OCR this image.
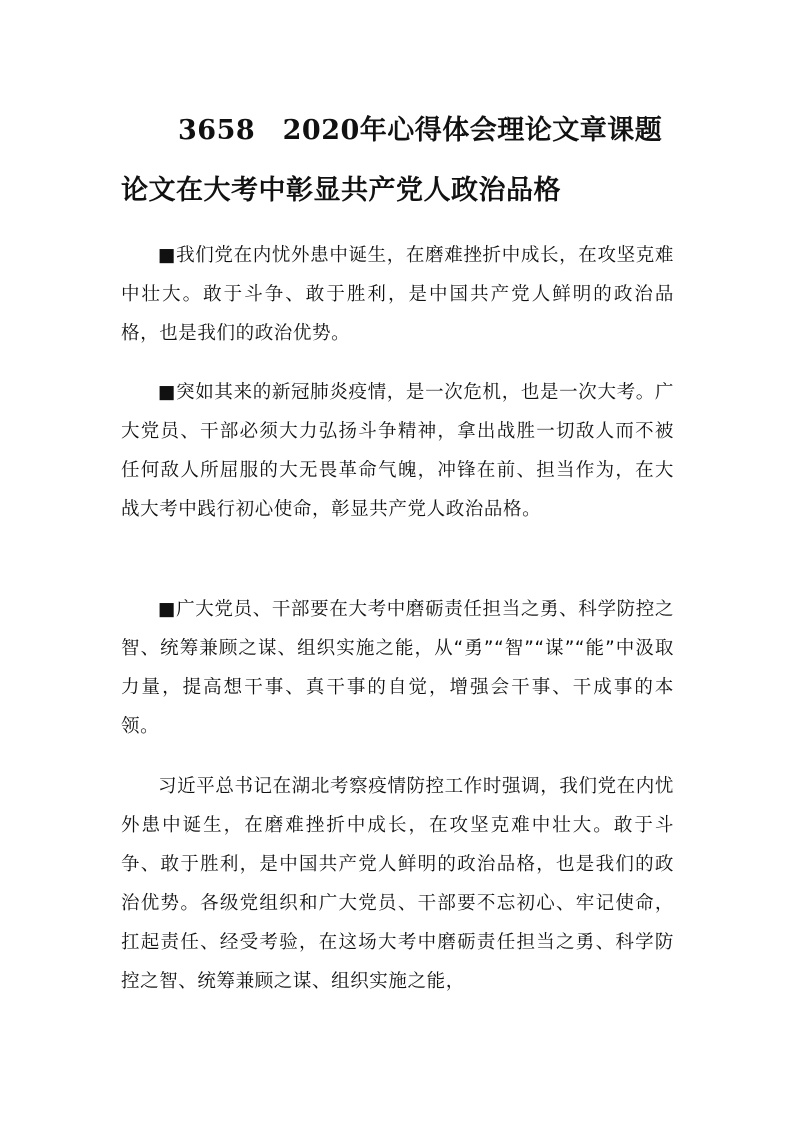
3658　2020年心得体会理论文章课题
论文在大考中彰显共产党人政治品格

■我们党在内忧外患中诞生，在磨难挫折中成长，在攻坚克难中壮大。敢于斗争、敢于胜利，是中国共产党人鲜明的政治品格，也是我们的政治优势。

■突如其来的新冠肺炎疫情，是一次危机，也是一次大考。广大党员、干部必须大力弘扬斗争精神，拿出战胜一切敌人而不被任何敌人所屈服的大无畏革命气魄，冲锋在前、担当作为，在大战大考中践行初心使命，彰显共产党人政治品格。

■广大党员、干部要在大考中磨砺责任担当之勇、科学防控之智、统筹兼顾之谋、组织实施之能，从“勇”“智”“谋”“能”中汲取力量，提高想干事、真干事的自觉，增强会干事、干成事的本领。

习近平总书记在湖北考察疫情防控工作时强调，我们党在内忧外患中诞生，在磨难挫折中成长，在攻坚克难中壮大。敢于斗争、敢于胜利，是中国共产党人鲜明的政治品格，也是我们的政治优势。各级党组织和广大党员、干部要不忘初心、牢记使命，扛起责任、经受考验，在这场大考中磨砺责任担当之勇、科学防控之智、统筹兼顾之谋、组织实施之能，
